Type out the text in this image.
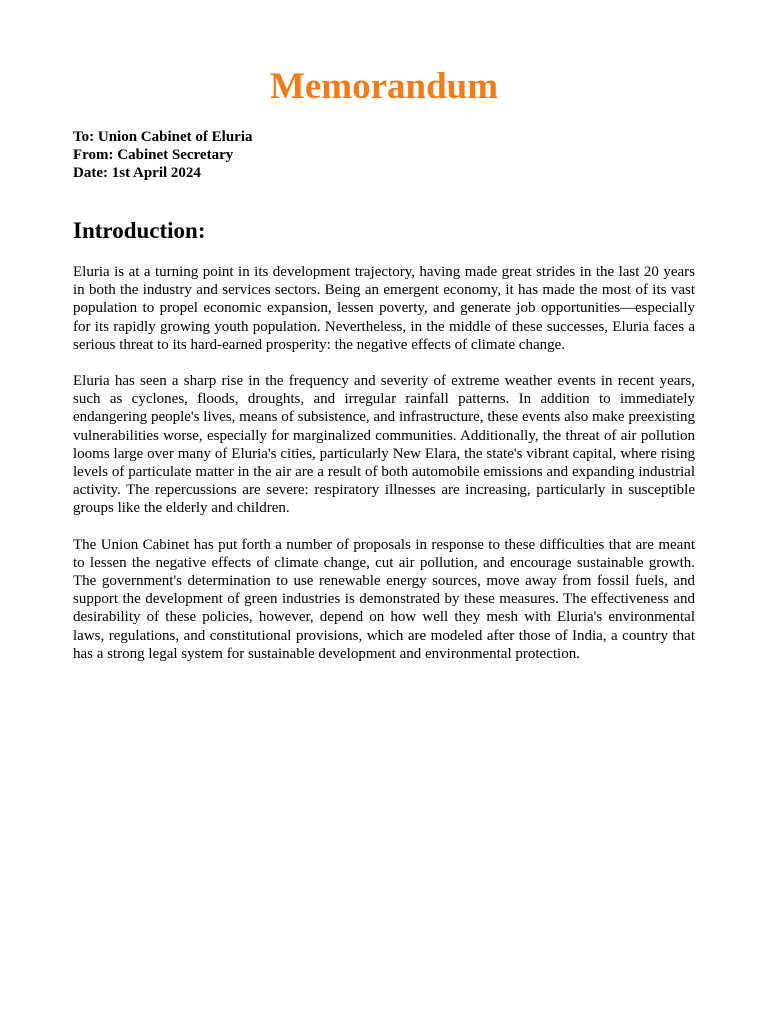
Memorandum

To: Union Cabinet of Eluria

From: Cabinet Secretary

Date: 1st April 2024

Introduction:

Eluria is at a turning point in its development trajectory, having made great strides in the last 20 years in both the industry and services sectors. Being an emergent economy, it has made the most of its vast population to propel economic expansion, lessen poverty, and generate job opportunities—especially for its rapidly growing youth population. Nevertheless, in the middle of these successes, Eluria faces a serious threat to its hard-earned prosperity: the negative effects of climate change.

Eluria has seen a sharp rise in the frequency and severity of extreme weather events in recent years, such as cyclones, floods, droughts, and irregular rainfall patterns. In addition to immediately endangering people's lives, means of subsistence, and infrastructure, these events also make preexisting vulnerabilities worse, especially for marginalized communities. Additionally, the threat of air pollution looms large over many of Eluria's cities, particularly New Elara, the state's vibrant capital, where rising levels of particulate matter in the air are a result of both automobile emissions and expanding industrial activity. The repercussions are severe: respiratory illnesses are increasing, particularly in susceptible groups like the elderly and children.

The Union Cabinet has put forth a number of proposals in response to these difficulties that are meant to lessen the negative effects of climate change, cut air pollution, and encourage sustainable growth. The government's determination to use renewable energy sources, move away from fossil fuels, and support the development of green industries is demonstrated by these measures. The effectiveness and desirability of these policies, however, depend on how well they mesh with Eluria's environmental laws, regulations, and constitutional provisions, which are modeled after those of India, a country that has a strong legal system for sustainable development and environmental protection.
